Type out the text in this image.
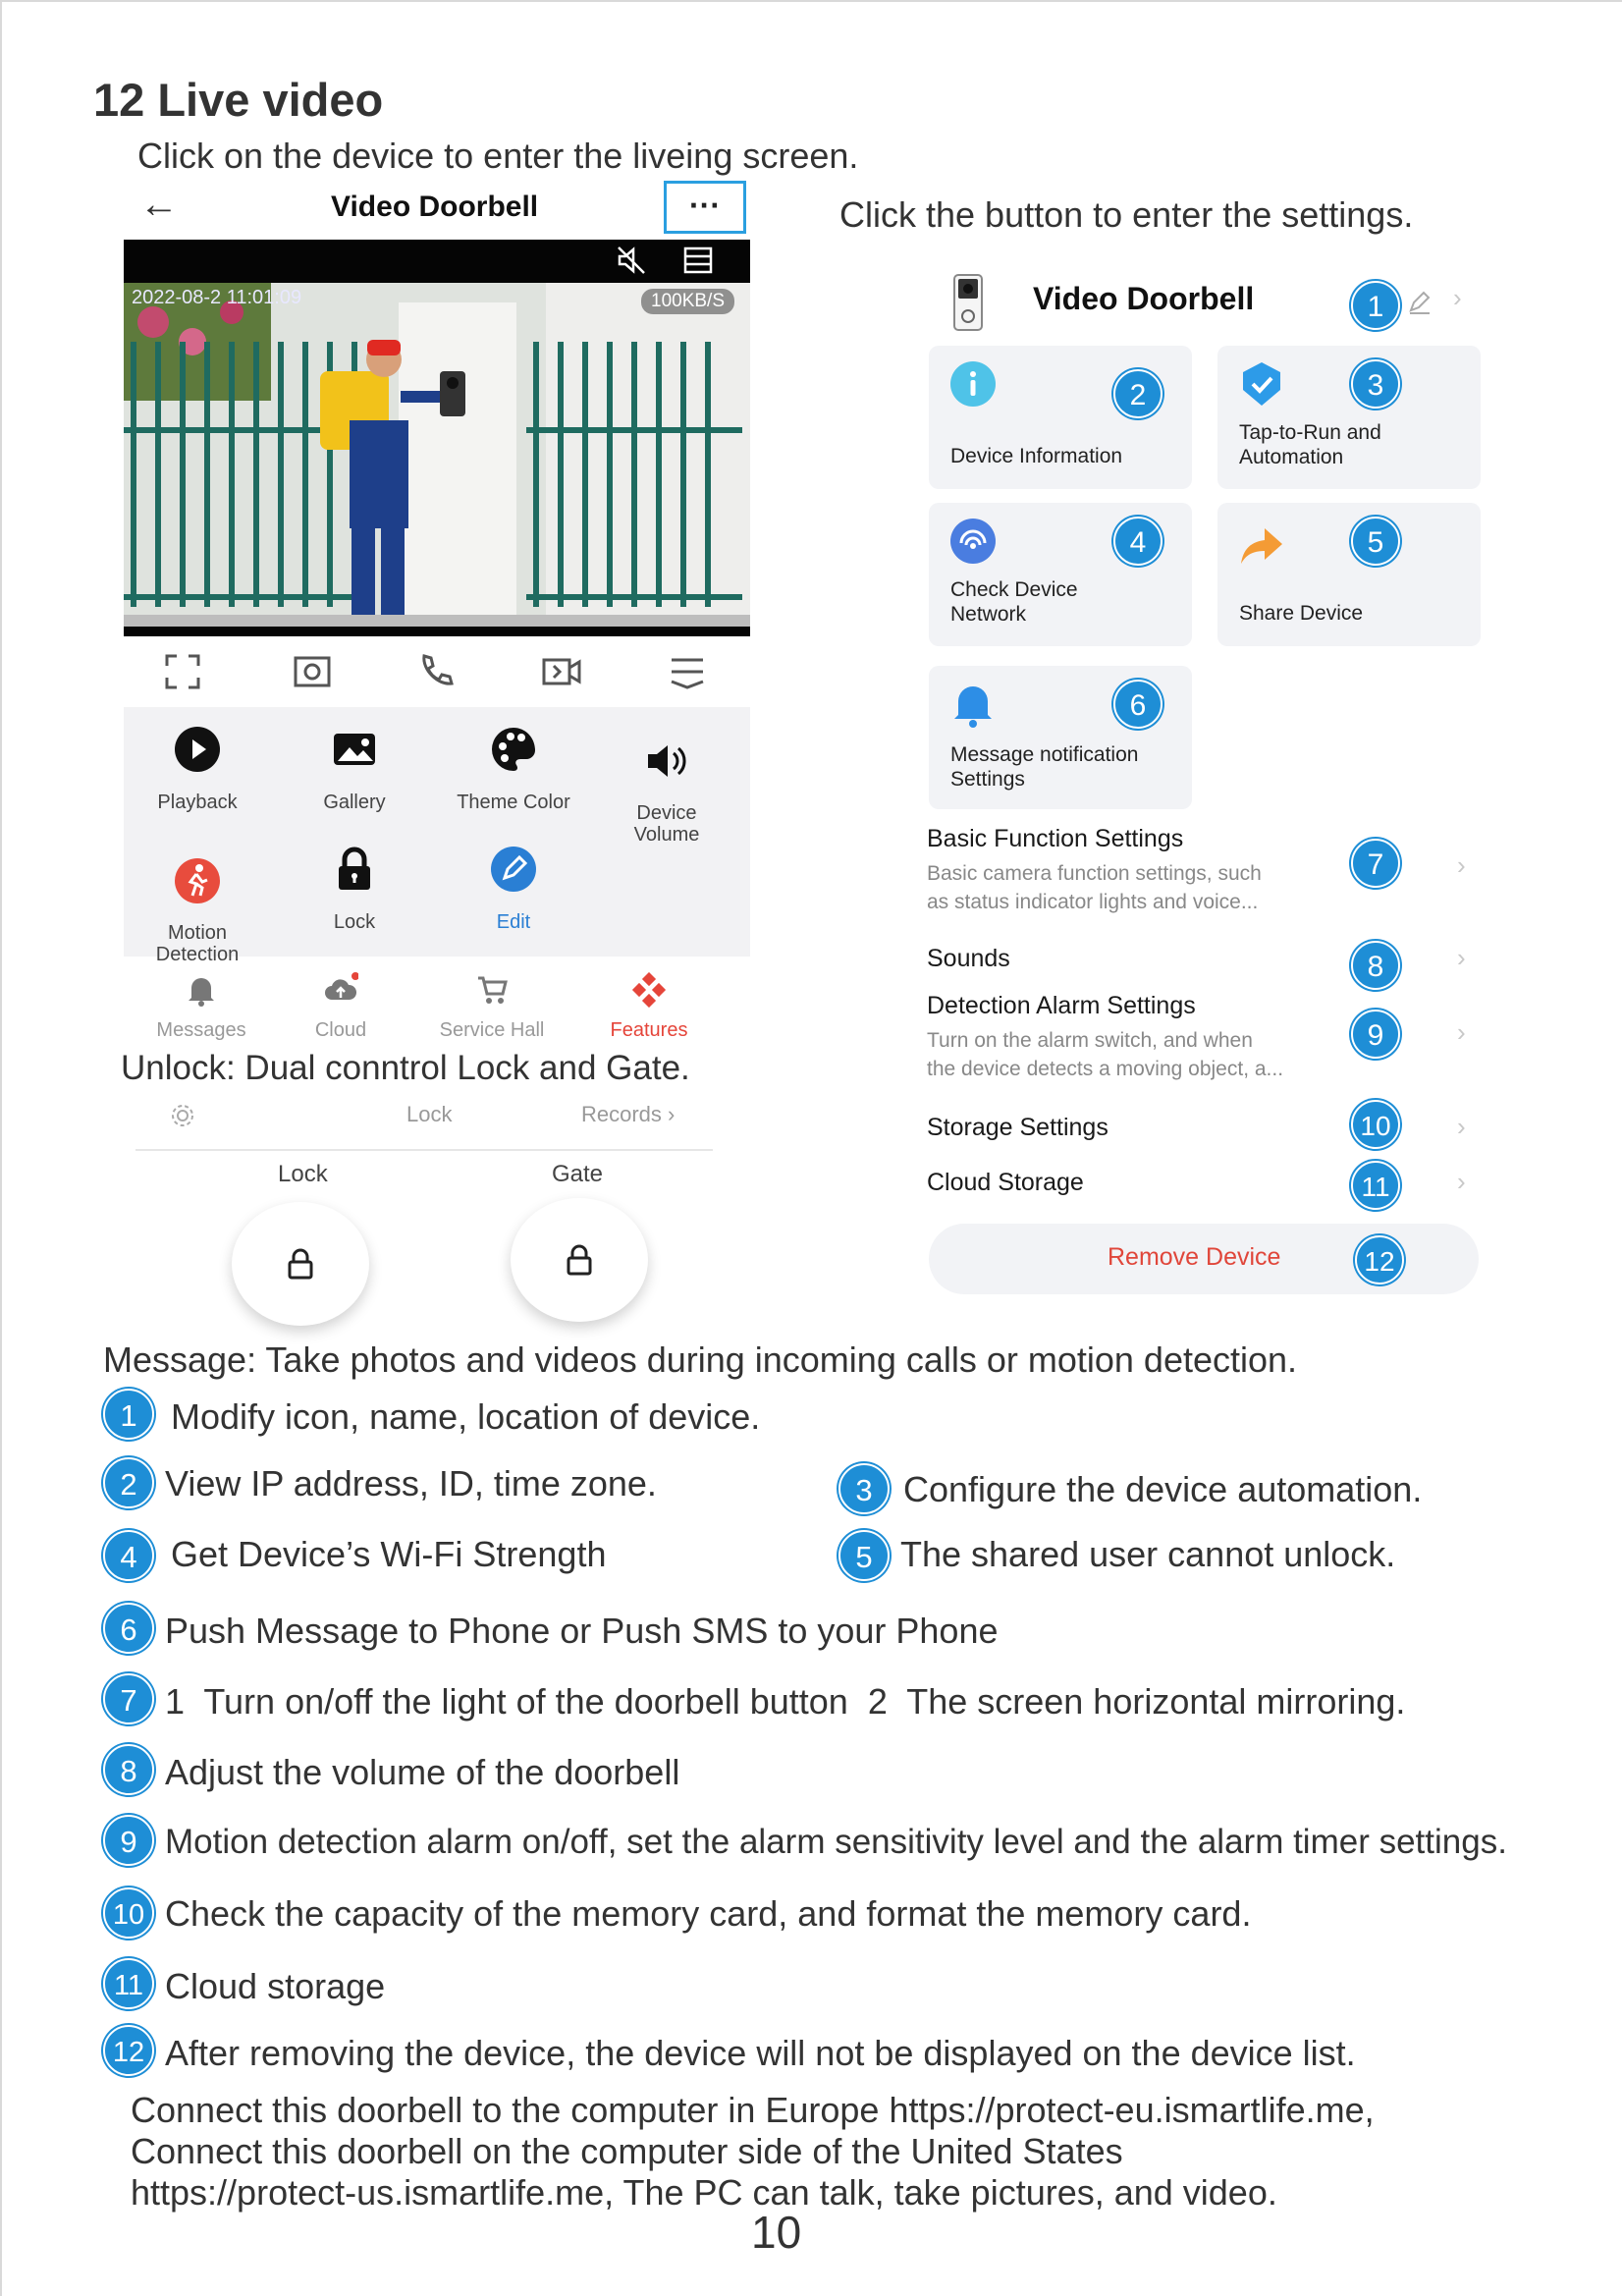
12 Live video
Click on the device to enter the liveing screen.
Click the button to enter the settings.
←	Video Doorbell	···
2022-08-2 11:01:09	100KB/S
Playback	Gallery	Theme Color	Device
Volume

Motion
Detection

Lock	Edit
Messages	Cloud	Service Hall	Features
Unlock: Dual conntrol Lock and Gate.
Lock	Records ›
Lock	Gate
Video Doorbell	1	›
2
Device Information
3
Tap-to-Run and
Automation
4
Check Device
Network
5
Share Device
6
Message notification
Settings
Basic Function Settings
Basic camera function settings, such
as status indicator lights and voice...
7	›
Sounds	8	›
Detection Alarm Settings
Turn on the alarm switch, and when
the device detects a moving object, a...
9	›
Storage Settings	10	›
Cloud Storage	11	›
Remove Device	12
Message: Take photos and videos during incoming calls or motion detection.
1 Modify icon, name, location of device.
2 View IP address, ID, time zone.	3 Configure the device automation.
4 Get Device’s Wi-Fi Strength	5 The shared user cannot unlock.
6 Push Message to Phone or Push SMS to your Phone
7 1  Turn on/off the light of the doorbell button  2  The screen horizontal mirroring.
8 Adjust the volume of the doorbell
9 Motion detection alarm on/off, set the alarm sensitivity level and the alarm timer settings.
10 Check the capacity of the memory card, and format the memory card.
11 Cloud storage
12 After removing the device, the device will not be displayed on the device list.
Connect this doorbell to the computer in Europe https://protect-eu.ismartlife.me,
Connect this doorbell on the computer side of the United States
https://protect-us.ismartlife.me, The PC can talk, take pictures, and video.
10
